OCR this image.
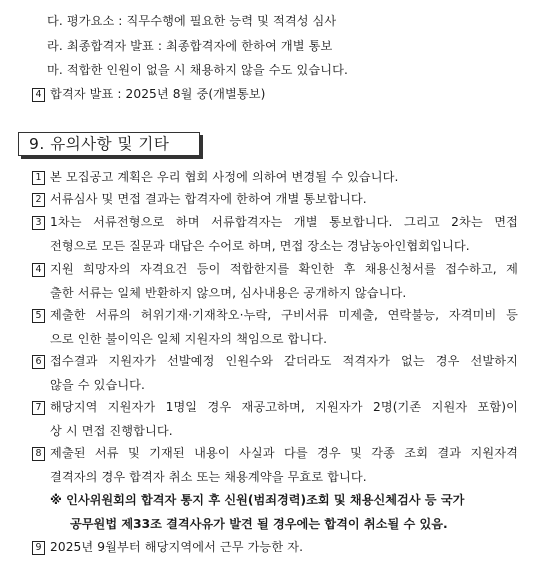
다. 평가요소 : 직무수행에 필요한 능력 및 적격성 심사
라. 최종합격자 발표 : 최종합격자에 한하여 개별 통보
마. 적합한 인원이 없을 시 채용하지 않을 수도 있습니다.
4 합격자 발표 : 2025년 8월 중(개별통보)
9. 유의사항 및 기타
1 본 모집공고 계획은 우리 협회 사정에 의하여 변경될 수 있습니다.
2 서류심사 및 면접 결과는 합격자에 한하여 개별 통보합니다.
3 1차는 서류전형으로 하며 서류합격자는 개별 통보합니다. 그리고 2차는 면접
전형으로 모든 질문과 대답은 수어로 하며, 면접 장소는 경남농아인협회입니다.
4 지원 희망자의 자격요건 등이 적합한지를 확인한 후 채용신청서를 접수하고, 제
출한 서류는 일체 반환하지 않으며, 심사내용은 공개하지 않습니다.
5 제출한 서류의 허위기재·기재착오·누락, 구비서류 미제출, 연락불능, 자격미비 등
으로 인한 불이익은 일체 지원자의 책임으로 합니다.
6 접수결과 지원자가 선발예정 인원수와 같더라도 적격자가 없는 경우 선발하지
않을 수 있습니다.
7 해당지역 지원자가 1명일 경우 재공고하며, 지원자가 2명(기존 지원자 포함)이
상 시 면접 진행합니다.
8 제출된 서류 및 기재된 내용이 사실과 다를 경우 및 각종 조회 결과 지원자격
결격자의 경우 합격자 취소 또는 채용계약을 무효로 합니다.
※ 인사위원회의 합격자 통지 후 신원(범죄경력)조회 및 채용신체검사 등 국가
공무원법 제33조 결격사유가 발견 될 경우에는 합격이 취소될 수 있음.
9 2025년 9월부터 해당지역에서 근무 가능한 자.
